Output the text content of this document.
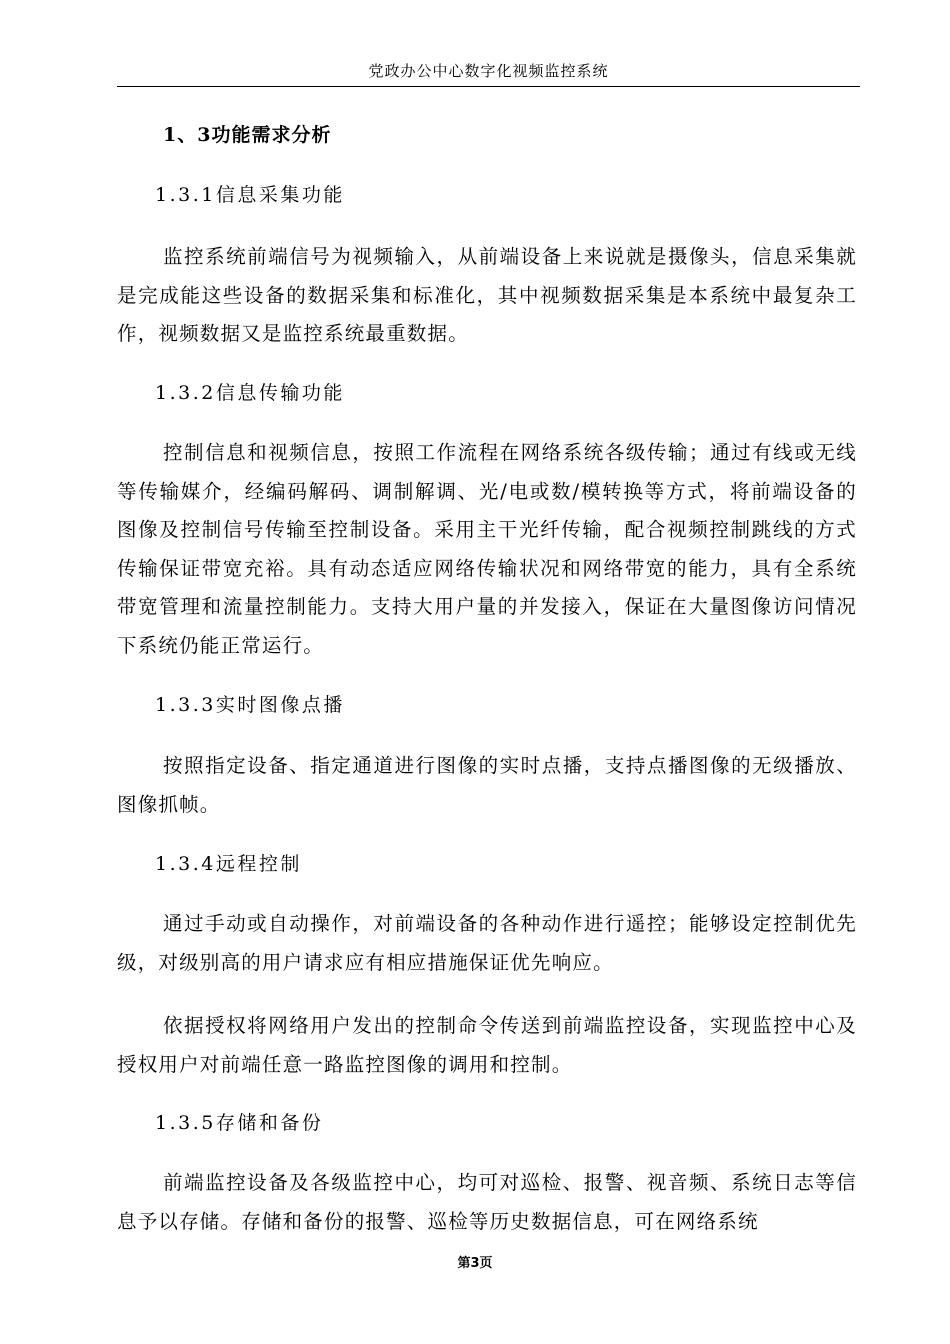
党政办公中心数字化视频监控系统
1、3功能需求分析
1.3.1信息采集功能
监控系统前端信号为视频输入，从前端设备上来说就是摄像头，信息采集就是完成能这些设备的数据采集和标准化，其中视频数据采集是本系统中最复杂工作，视频数据又是监控系统最重数据。
1.3.2信息传输功能
控制信息和视频信息，按照工作流程在网络系统各级传输；通过有线或无线等传输媒介，经编码解码、调制解调、光/电或数/模转换等方式，将前端设备的图像及控制信号传输至控制设备。采用主干光纤传输，配合视频控制跳线的方式传输保证带宽充裕。具有动态适应网络传输状况和网络带宽的能力，具有全系统带宽管理和流量控制能力。支持大用户量的并发接入，保证在大量图像访问情况下系统仍能正常运行。
1.3.3实时图像点播
按照指定设备、指定通道进行图像的实时点播，支持点播图像的无级播放、图像抓帧。
1.3.4远程控制
通过手动或自动操作，对前端设备的各种动作进行遥控；能够设定控制优先级，对级别高的用户请求应有相应措施保证优先响应。
依据授权将网络用户发出的控制命令传送到前端监控设备，实现监控中心及授权用户对前端任意一路监控图像的调用和控制。
1.3.5存储和备份
前端监控设备及各级监控中心，均可对巡检、报警、视音频、系统日志等信息予以存储。存储和备份的报警、巡检等历史数据信息，可在网络系统
第3页
